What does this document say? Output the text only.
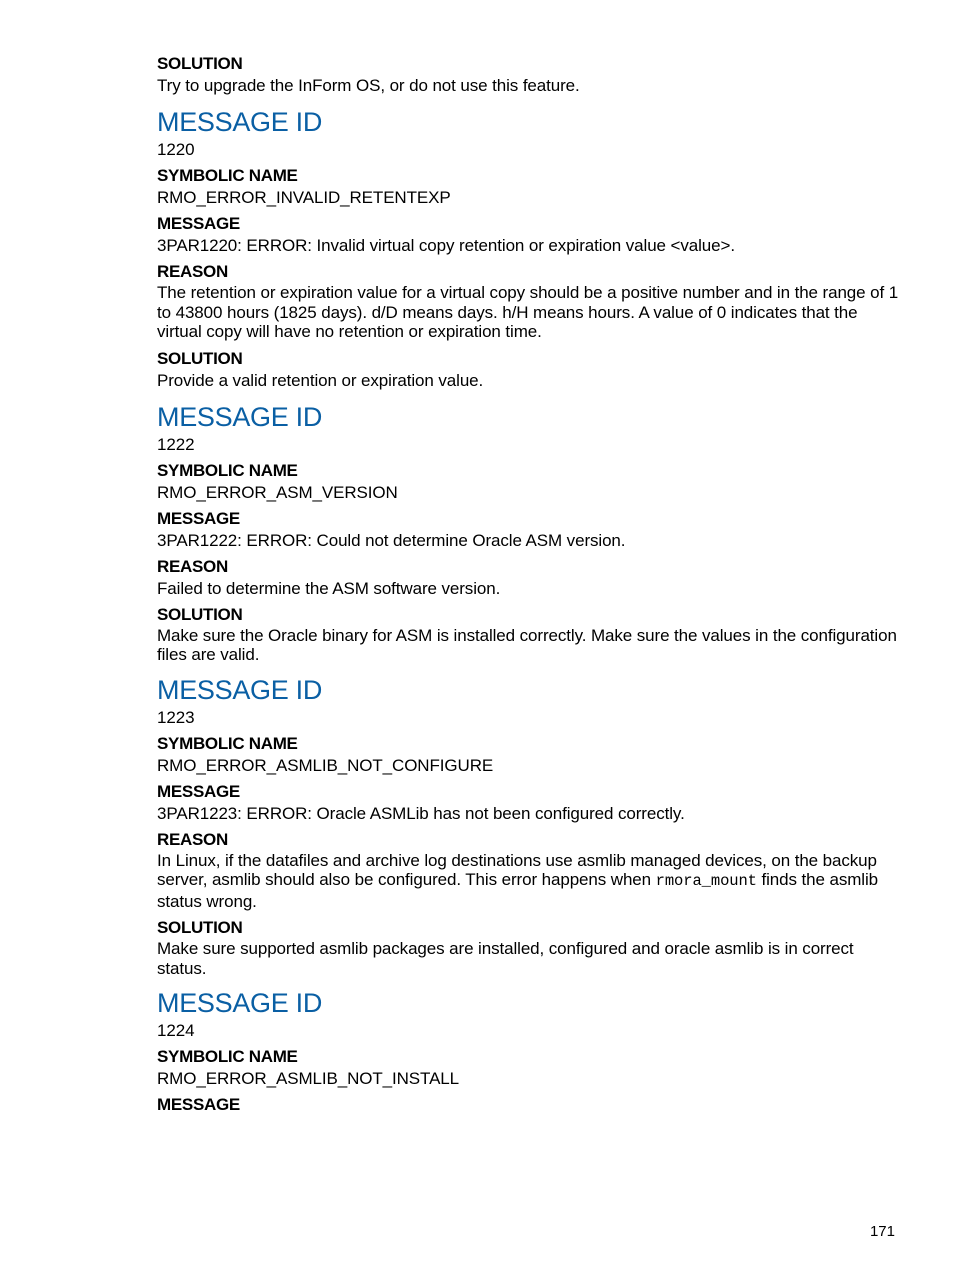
SOLUTION
Try to upgrade the InForm OS, or do not use this feature.
MESSAGE ID
1220
SYMBOLIC NAME
RMO_ERROR_INVALID_RETENTEXP
MESSAGE
3PAR1220: ERROR: Invalid virtual copy retention or expiration value <value>.
REASON
The retention or expiration value for a virtual copy should be a positive number and in the range of 1 to 43800 hours (1825 days). d/D means days. h/H means hours. A value of 0 indicates that the virtual copy will have no retention or expiration time.
SOLUTION
Provide a valid retention or expiration value.
MESSAGE ID
1222
SYMBOLIC NAME
RMO_ERROR_ASM_VERSION
MESSAGE
3PAR1222: ERROR: Could not determine Oracle ASM version.
REASON
Failed to determine the ASM software version.
SOLUTION
Make sure the Oracle binary for ASM is installed correctly. Make sure the values in the configuration files are valid.
MESSAGE ID
1223
SYMBOLIC NAME
RMO_ERROR_ASMLIB_NOT_CONFIGURE
MESSAGE
3PAR1223: ERROR: Oracle ASMLib has not been configured correctly.
REASON
In Linux, if the datafiles and archive log destinations use asmlib managed devices, on the backup server, asmlib should also be configured. This error happens when rmora_mount finds the asmlib status wrong.
SOLUTION
Make sure supported asmlib packages are installed, configured and oracle asmlib is in correct status.
MESSAGE ID
1224
SYMBOLIC NAME
RMO_ERROR_ASMLIB_NOT_INSTALL
MESSAGE
171
